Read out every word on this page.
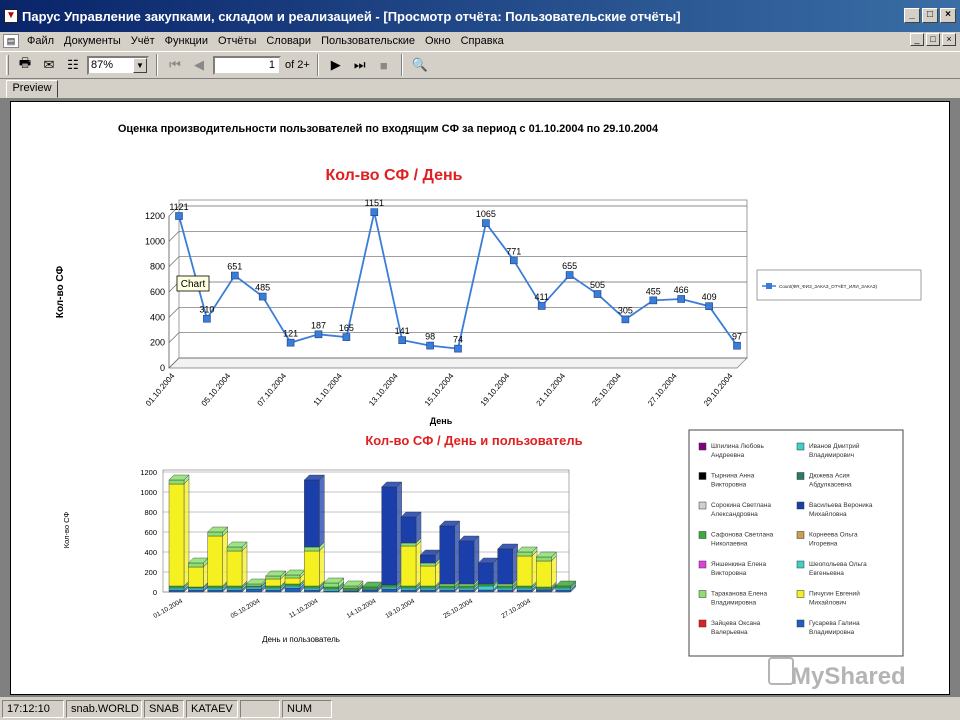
▼ Парус Управление закупками, складом и реализацией - [Просмотр отчёта: Пользовательские отчёты]	_	□	×
▤	Файл Документы Учёт Функции Отчёты Словари Пользовательские Окно Справка	_	□	×
🖶 ✉ ☷	87%	▼	⏮	◀	1 of 2+	▶	⏭	■	🔍
Preview
Оценка производительности пользователей по входящим СФ за период с 01.10.2004 по 29.10.2004
Кол-во СФ / День
0
200
400
600
800
1000
1200
1121
310
651
485
121
187 165
1151
141
98 74
1065
771
411
655
505
305
455 466
409
97
01.10.2004	05.10.2004	07.10.2004	11.10.2004	13.10.2004	15.10.2004	19.10.2004	21.10.2004	25.10.2004	27.10.2004	29.10.2004
День
Кол-во СФ	Count(ФR_ФИЗ_ЗАКАЗ_ОТЧЁТ_ИЛИ_ЗАКАЗ)
Кол-во СФ / День и пользователь
0
200
400
600
800
1000
1200
01.10.2004	05.10.2004	11.10.2004	14.10.2004 19.10.2004	25.10.2004	27.10.2004
День и пользователь
Кол-во СФ
Шпилина Любовь Андреевна
Иванов Дмитрий Владимирович
Тырнина Анна Викторовна
Дюжева Асия Абдулкасевна
Сорокина Светлана Александровна
Васильева Вероника Михайловна
Сафонова Светлана Николаевна
Корнеева Ольга Игоревна
Яншенкина Елена Викторовна
Шеопольева Ольга Евгеньевна
Тараканова Елена Владимировна
Пичугин Евгений Михайлович
Зайцева Оксана Валерьевна
Гусарева Галина Владимировна
Chart
MyShared
17:12:10	snab.WORLD SNAB	KATAEV	NUM
